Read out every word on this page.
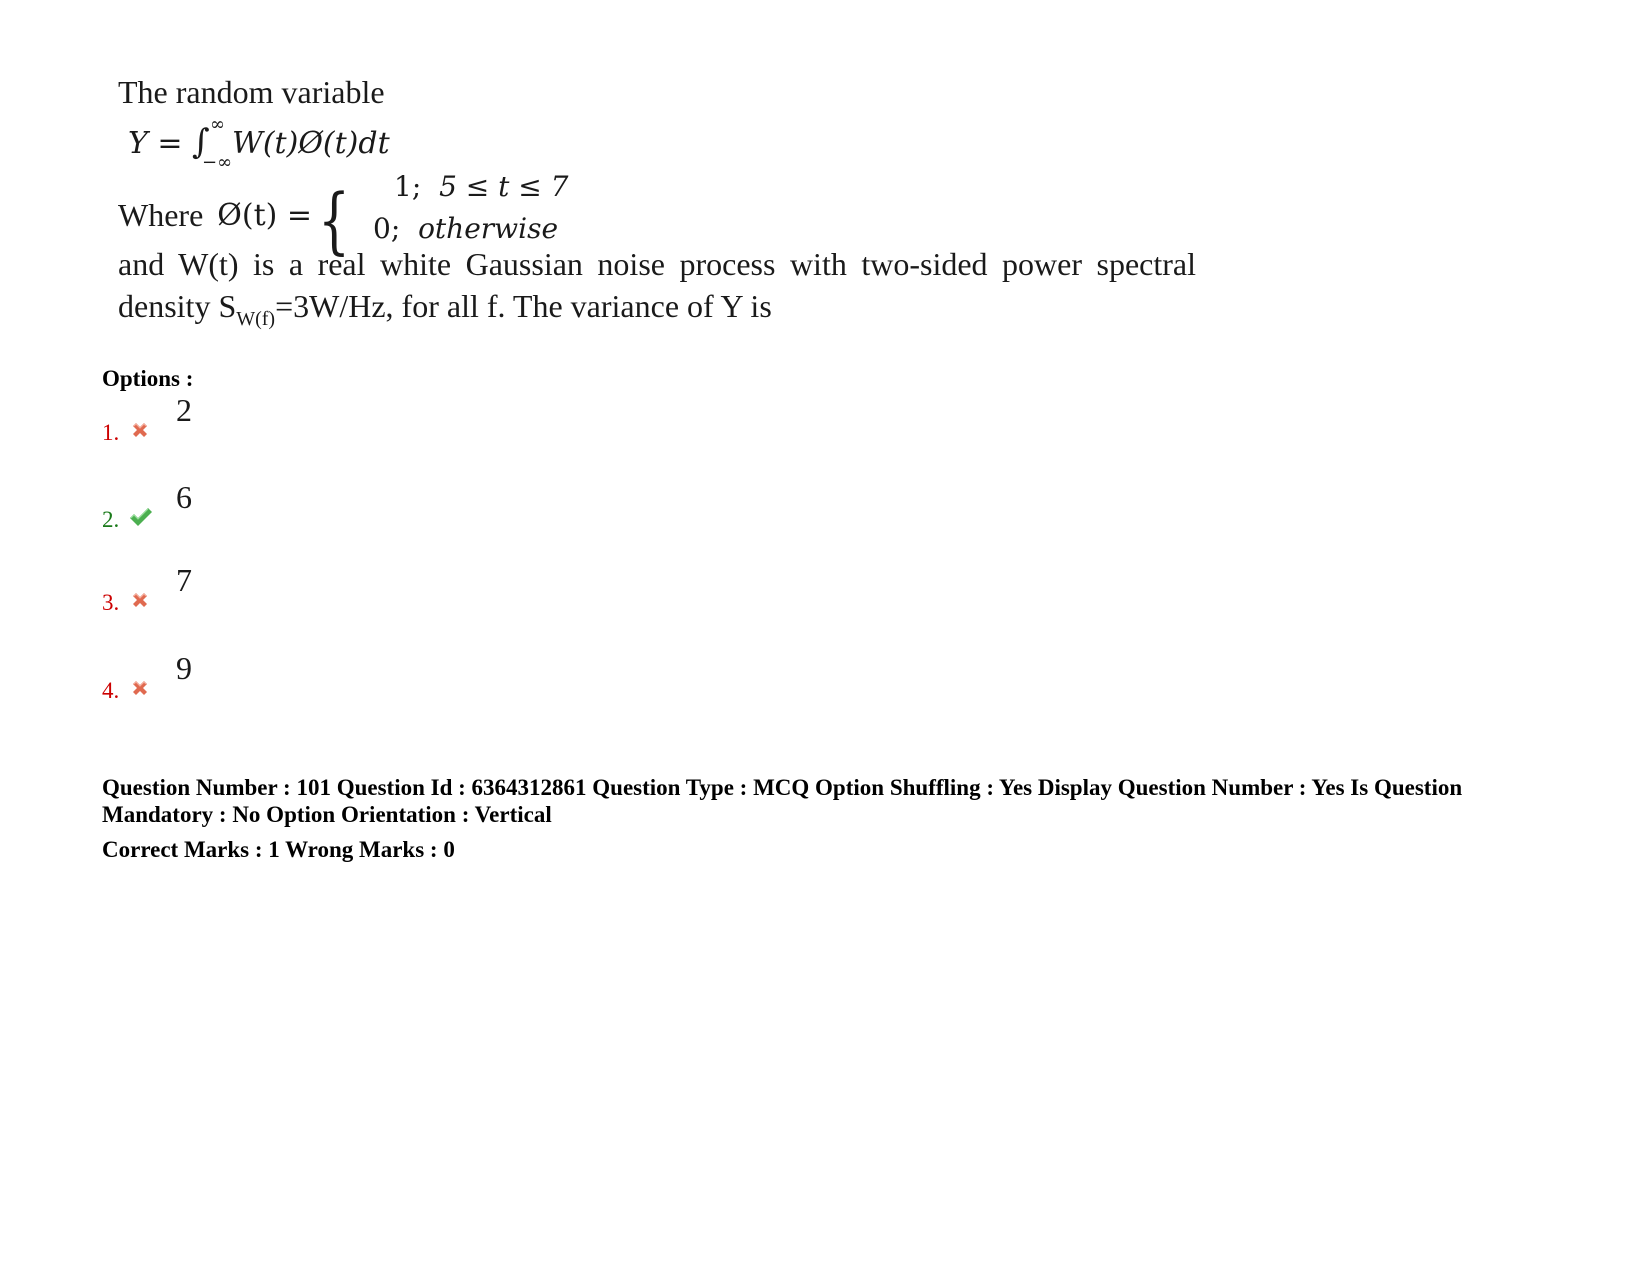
The random variable
Y = ∫ ∞
−∞
W(t)Ø(t)dt
Where Ø(t) = { 1; 5 ≤ t ≤ 7
0; otherwise
and W(t) is a real white Gaussian noise process with two-sided power spectral
density $S_{W(f)}=3W/Hz$, for all f. The variance of Y is
Options :
1.
2
2.
6
3.
7
4.
9
Question Number : 101 Question Id : 6364312861 Question Type : MCQ Option Shuffling : Yes Display Question Number : Yes Is Question Mandatory : No Option Orientation : Vertical
Correct Marks : 1 Wrong Marks : 0
